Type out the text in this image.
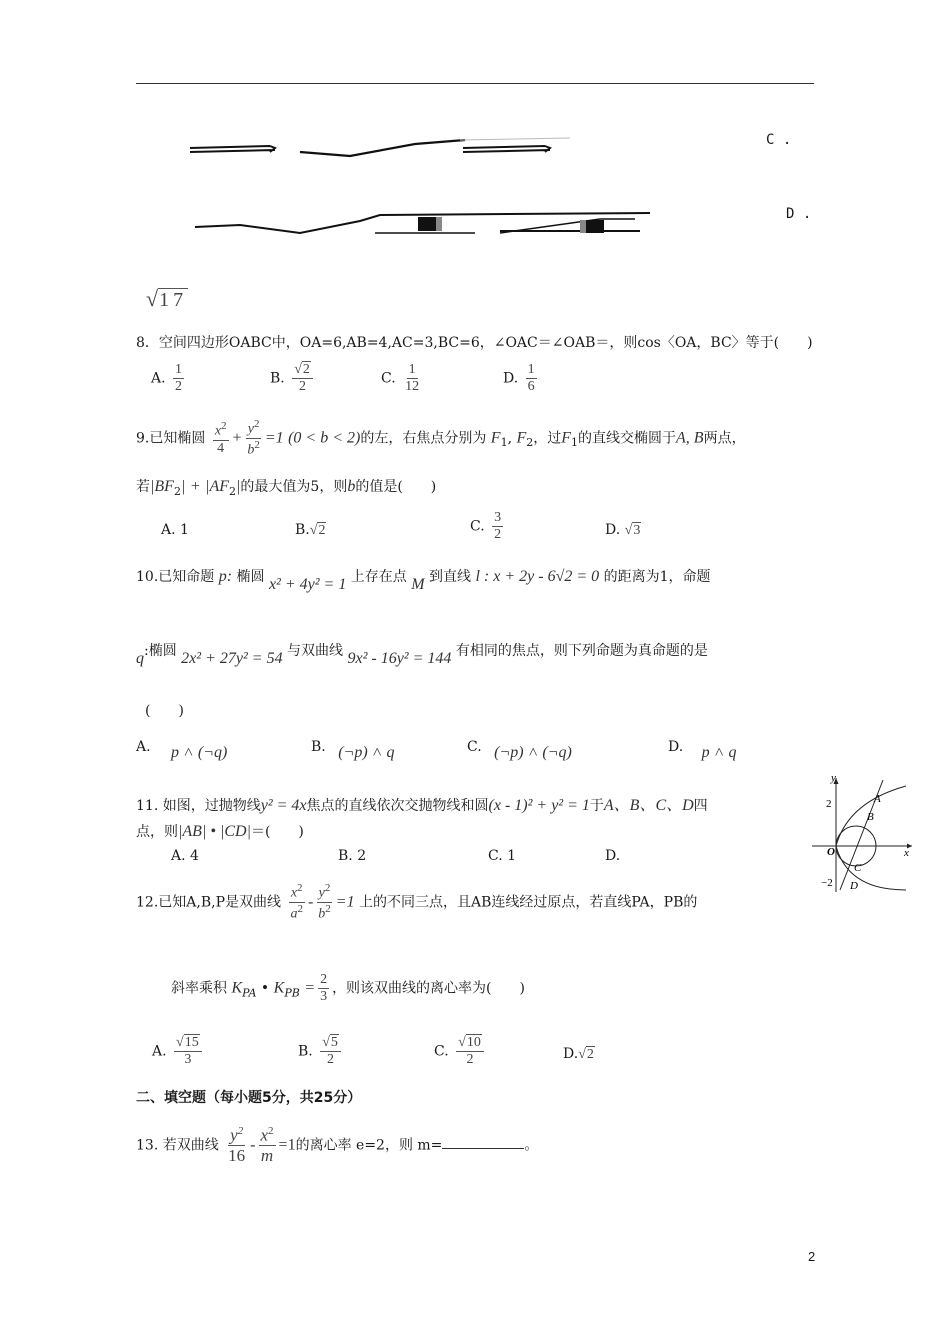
C .
D .
√17
8．空间四边形OABC中，OA=6,AB=4,AC=3,BC=6，∠OAC＝∠OAB＝，则cos〈OA，BC〉等于(　　)
A. $\frac{1}{2}$	B. $\frac{√2}{2}$	C. $\frac{1}{12}$	D. $\frac{1}{6}$
9.已知椭圆 $\frac{x^2}{4} + \frac{y^2}{b^2} =1$ (0 < b < 2)的左，右焦点分别为 $F_1$, $F_2$，过$F_1$的直线交椭圆于A, B两点，
若$|BF_2| + |AF_2|$的最大值为5，则b的值是(　　)
A. 1	B.√2	C. $\frac{3}{2}$	D. √3
10.已知命题 p: 椭圆 x² + 4y² = 1 上存在点 M 到直线 l : x + 2y - 6√2 = 0 的距离为1，命题
q:椭圆 2x² + 27y² = 54 与双曲线 9x² - 16y² = 144 有相同的焦点，则下列命题为真命题的是
(　　)
A. p ˄ (¬q)	B. (¬p) ˄ q	C. (¬p) ˄ (¬q)	D. p ˄ q
11. 如图，过抛物线y² = 4x焦点的直线依次交抛物线和圆(x - 1)² + y² = 1于A、B、C、D四
点，则|AB| • |CD|＝(　　)
A. 4	B. 2	C. 1	D.
y
x
O
2
−2
A
B
C
D
12.已知A,B,P是双曲线 $\frac{x^2}{a^2} - \frac{y^2}{b^2} =1$ 上的不同三点，且AB连线经过原点，若直线PA，PB的
斜率乘积 $K_{PA}$ • $K_{PB} = \frac{2}{3}$ ，则该双曲线的离心率为(　　)
A. $\frac{√15}{3}$	B. $\frac{√5}{2}$	C. $\frac{√10}{2}$	D.√2
二、填空题（每小题5分，共25分）
13. 若双曲线 $\frac{y^2}{16} - \frac{x^2}{m} =1$的离心率 e=2，则 m=	。
2
